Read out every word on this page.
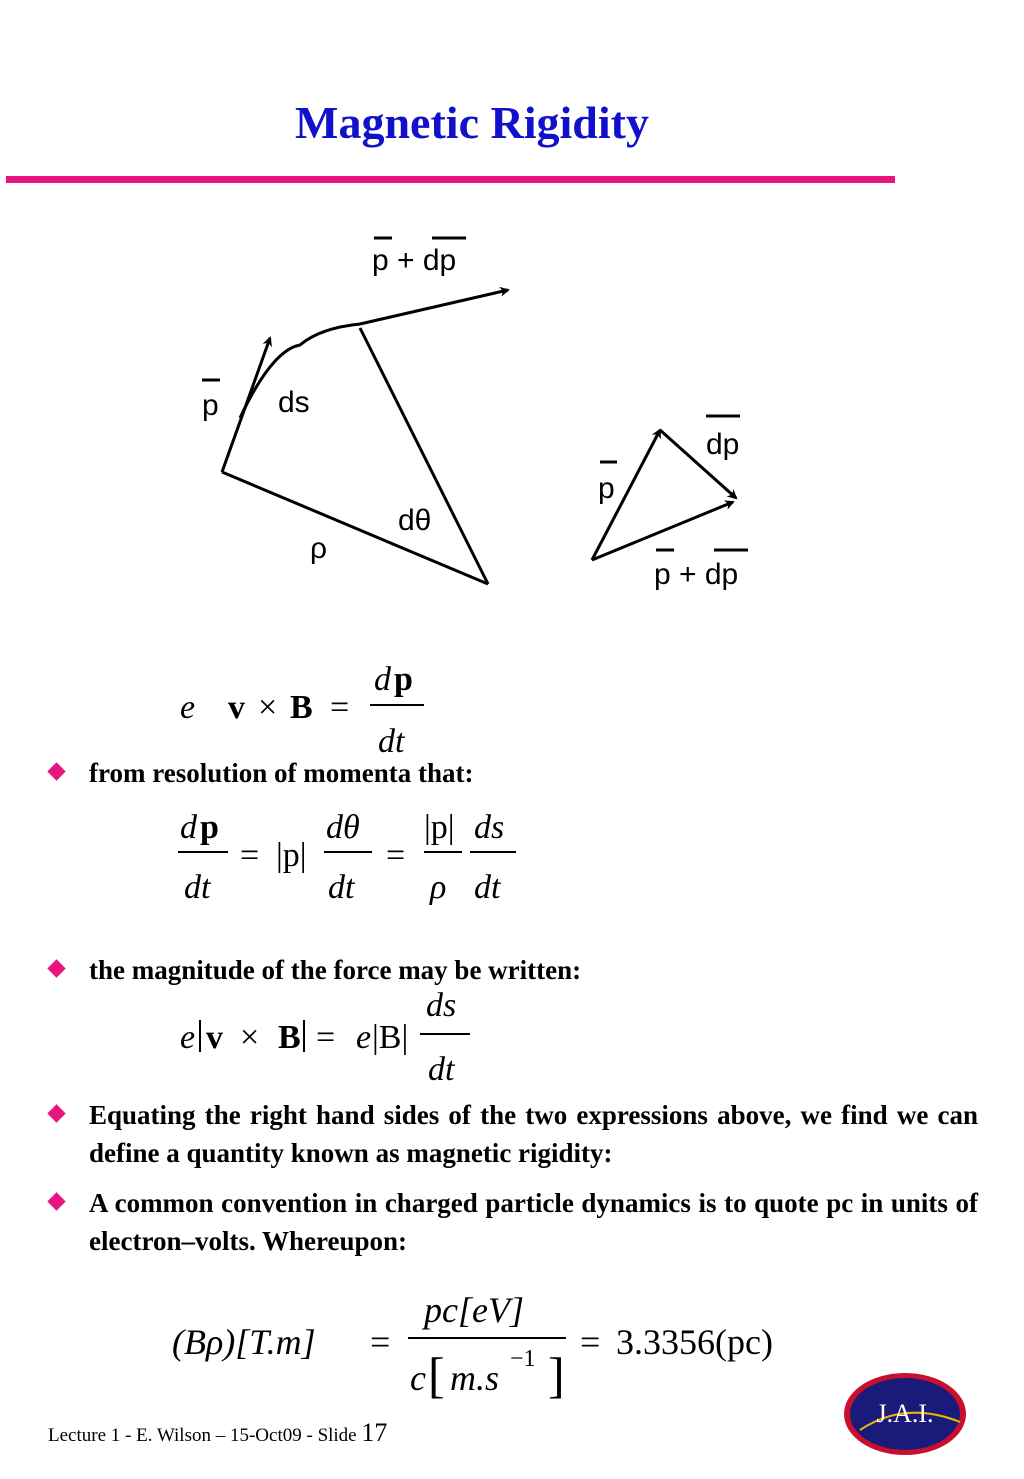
Magnetic Rigidity
p + dp
p ds
dθ
ρ
p
dp
p + dp
e v × B =
d p
dt
d p
dt
= |p|
dθ
dt
=
|p|
ρ
ds
dt
e v × B = e |B|
ds
dt
(Bρ)[T.m] =
pc[eV]
c [ m.s −1 ]
= 3.3356(pc)
from resolution of momenta that:
the magnitude of the force may be written:
Equating the right hand sides of the two expressions above, we find we can define a quantity known as magnetic rigidity:
A common convention in charged particle dynamics is to quote pc in units of electron–volts. Whereupon:
Lecture 1 - E. Wilson – 15-Oct09 - Slide 17
J.A.I.
